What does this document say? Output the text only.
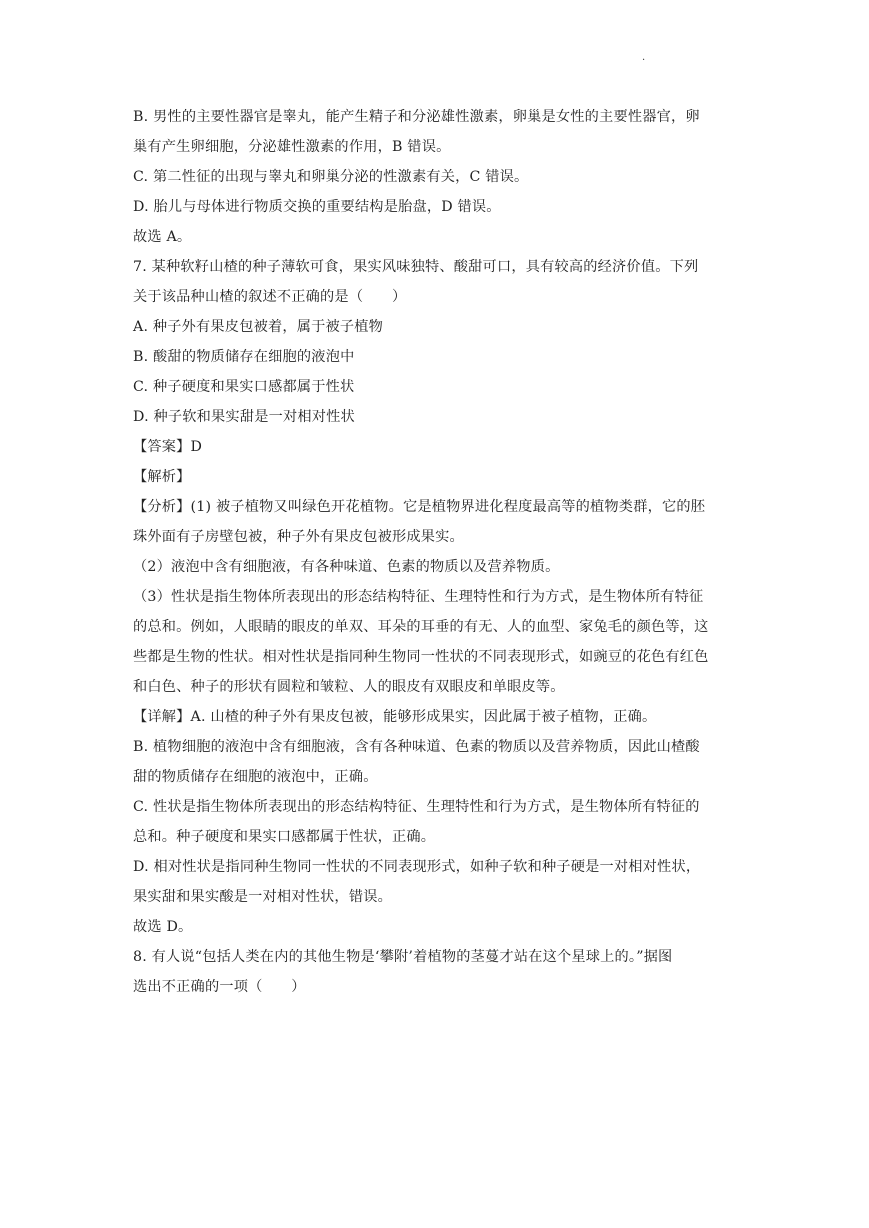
.
B. 男性的主要性器官是睾丸，能产生精子和分泌雄性激素，卵巢是女性的主要性器官，卵
巢有产生卵细胞，分泌雄性激素的作用，B 错误。
C. 第二性征的出现与睾丸和卵巢分泌的性激素有关，C 错误。
D. 胎儿与母体进行物质交换的重要结构是胎盘，D 错误。
故选 A。
7. 某种软籽山楂的种子薄软可食，果实风味独特、酸甜可口，具有较高的经济价值。下列
关于该品种山楂的叙述不正确的是（　　）
A. 种子外有果皮包被着，属于被子植物
B. 酸甜的物质储存在细胞的液泡中
C. 种子硬度和果实口感都属于性状
D. 种子软和果实甜是一对相对性状
【答案】D
【解析】
【分析】(1) 被子植物又叫绿色开花植物。它是植物界进化程度最高等的植物类群，它的胚
珠外面有子房壁包被，种子外有果皮包被形成果实。
（2）液泡中含有细胞液，有各种味道、色素的物质以及营养物质。
（3）性状是指生物体所表现出的形态结构特征、生理特性和行为方式，是生物体所有特征
的总和。例如，人眼睛的眼皮的单双、耳朵的耳垂的有无、人的血型、家兔毛的颜色等，这
些都是生物的性状。相对性状是指同种生物同一性状的不同表现形式，如豌豆的花色有红色
和白色、种子的形状有圆粒和皱粒、人的眼皮有双眼皮和单眼皮等。
【详解】A. 山楂的种子外有果皮包被，能够形成果实，因此属于被子植物，正确。
B. 植物细胞的液泡中含有细胞液，含有各种味道、色素的物质以及营养物质，因此山楂酸
甜的物质储存在细胞的液泡中，正确。
C. 性状是指生物体所表现出的形态结构特征、生理特性和行为方式，是生物体所有特征的
总和。种子硬度和果实口感都属于性状，正确。
D. 相对性状是指同种生物同一性状的不同表现形式，如种子软和种子硬是一对相对性状，
果实甜和果实酸是一对相对性状，错误。
故选 D。
8. 有人说“包括人类在内的其他生物是‘攀附’着植物的茎蔓才站在这个星球上的。”据图
选出不正确的一项（　　）
